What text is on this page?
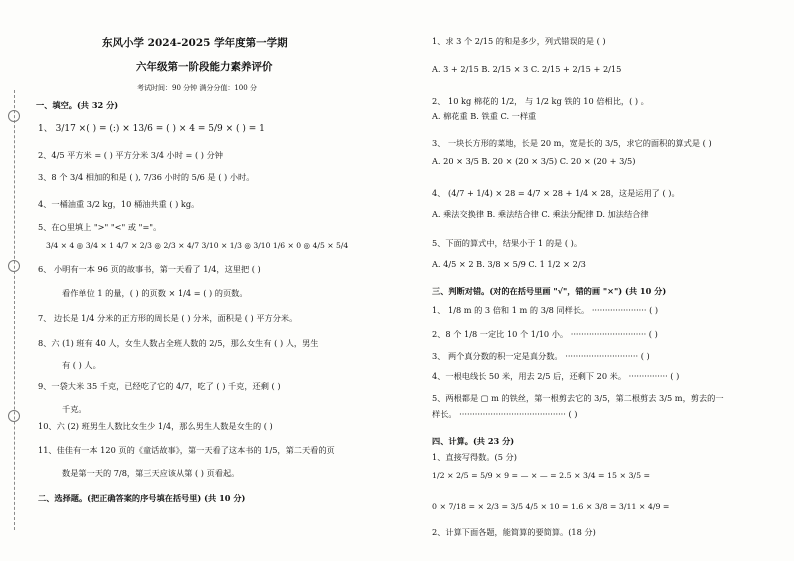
东风小学 2024-2025 学年度第一学期
六年级第一阶段能力素养评价
考试时间：90 分钟 满分分值：100 分
一、填空。(共 32 分)
1、 3/17 ×( ) = (:) × 13/6 = ( ) × 4 = 5/9 × ( ) = 1
2、4/5 平方米 = ( ) 平方分米 3/4 小时 = ( ) 分钟
3、8 个 3/4 相加的和是 ( ), 7/36 小时的 5/6 是 ( ) 小时。
4、一桶油重 3/2 kg，10 桶油共重 ( ) kg。
5、在○里填上 ">" "<" 或 "="。
3/4 × 4 ◎ 3/4 × 1 4/7 × 2/3 ◎ 2/3 × 4/7 3/10 × 1/3 ◎ 3/10 1/6 × 0 ◎ 4/5 × 5/4
6、 小明有一本 96 页的故事书，第一天看了 1/4，这里把 ( )
看作单位 1 的量，( ) 的页数 × 1/4 = ( ) 的页数。
7、 边长是 1/4 分米的正方形的周长是 ( ) 分米，面积是 ( ) 平方分米。
8、六 (1) 班有 40 人，女生人数占全班人数的 2/5，那么女生有 ( ) 人，男生
有 ( ) 人。
9、一袋大米 35 千克，已经吃了它的 4/7，吃了 ( ) 千克，还剩 ( )
千克。
10、六 (2) 班男生人数比女生少 1/4，那么男生人数是女生的 ( )
11、佳佳有一本 120 页的《童话故事》，第一天看了这本书的 1/5，第二天看的页
数是第一天的 7/8，第三天应该从第 ( ) 页看起。
二、选择题。(把正确答案的序号填在括号里) (共 10 分)
1、求 3 个 2/15 的和是多少，列式错误的是 ( )
A. 3 + 2/15 B. 2/15 × 3 C. 2/15 + 2/15 + 2/15
2、 10 kg 棉花的 1/2， 与 1/2 kg 铁的 10 倍相比，( ) 。
A. 棉花重 B. 铁重 C. 一样重
3、 一块长方形的菜地，长是 20 m，宽是长的 3/5，求它的面积的算式是 ( )
A. 20 × 3/5 B. 20 × (20 × 3/5) C. 20 × (20 + 3/5)
4、 (4/7 + 1/4) × 28 = 4/7 × 28 + 1/4 × 28，这是运用了 ( )。
A. 乘法交换律 B. 乘法结合律 C. 乘法分配律 D. 加法结合律
5、下面的算式中，结果小于 1 的是 ( )。
A. 4/5 × 2 B. 3/8 × 5/9 C. 1 1/2 × 2/3
三、判断对错。(对的在括号里画 "√"，错的画 "×") (共 10 分)
1、 1/8 m 的 3 倍和 1 m 的 3/8 同样长。 ····················· ( )
2、8 个 1/8 一定比 10 个 1/10 小。 ····························· ( )
3、 两个真分数的积一定是真分数。 ···························· ( )
4、一根电线长 50 米，用去 2/5 后，还剩下 20 米。 ··············· ( )
5、两根都是 ▢ m 的铁丝，第一根剪去它的 3/5，第二根剪去 3/5 m，剪去的一
样长。 ········································· ( )
四、计算。(共 23 分)
1、直接写得数。(5 分)
1/2 × 2/5 = 5/9 × 9 = — × — = 2.5 × 3/4 = 15 × 3/5 =
0 × 7/18 = × 2/3 = 3/5 4/5 × 10 = 1.6 × 3/8 = 3/11 × 4/9 =
2、计算下面各题，能简算的要简算。(18 分)
